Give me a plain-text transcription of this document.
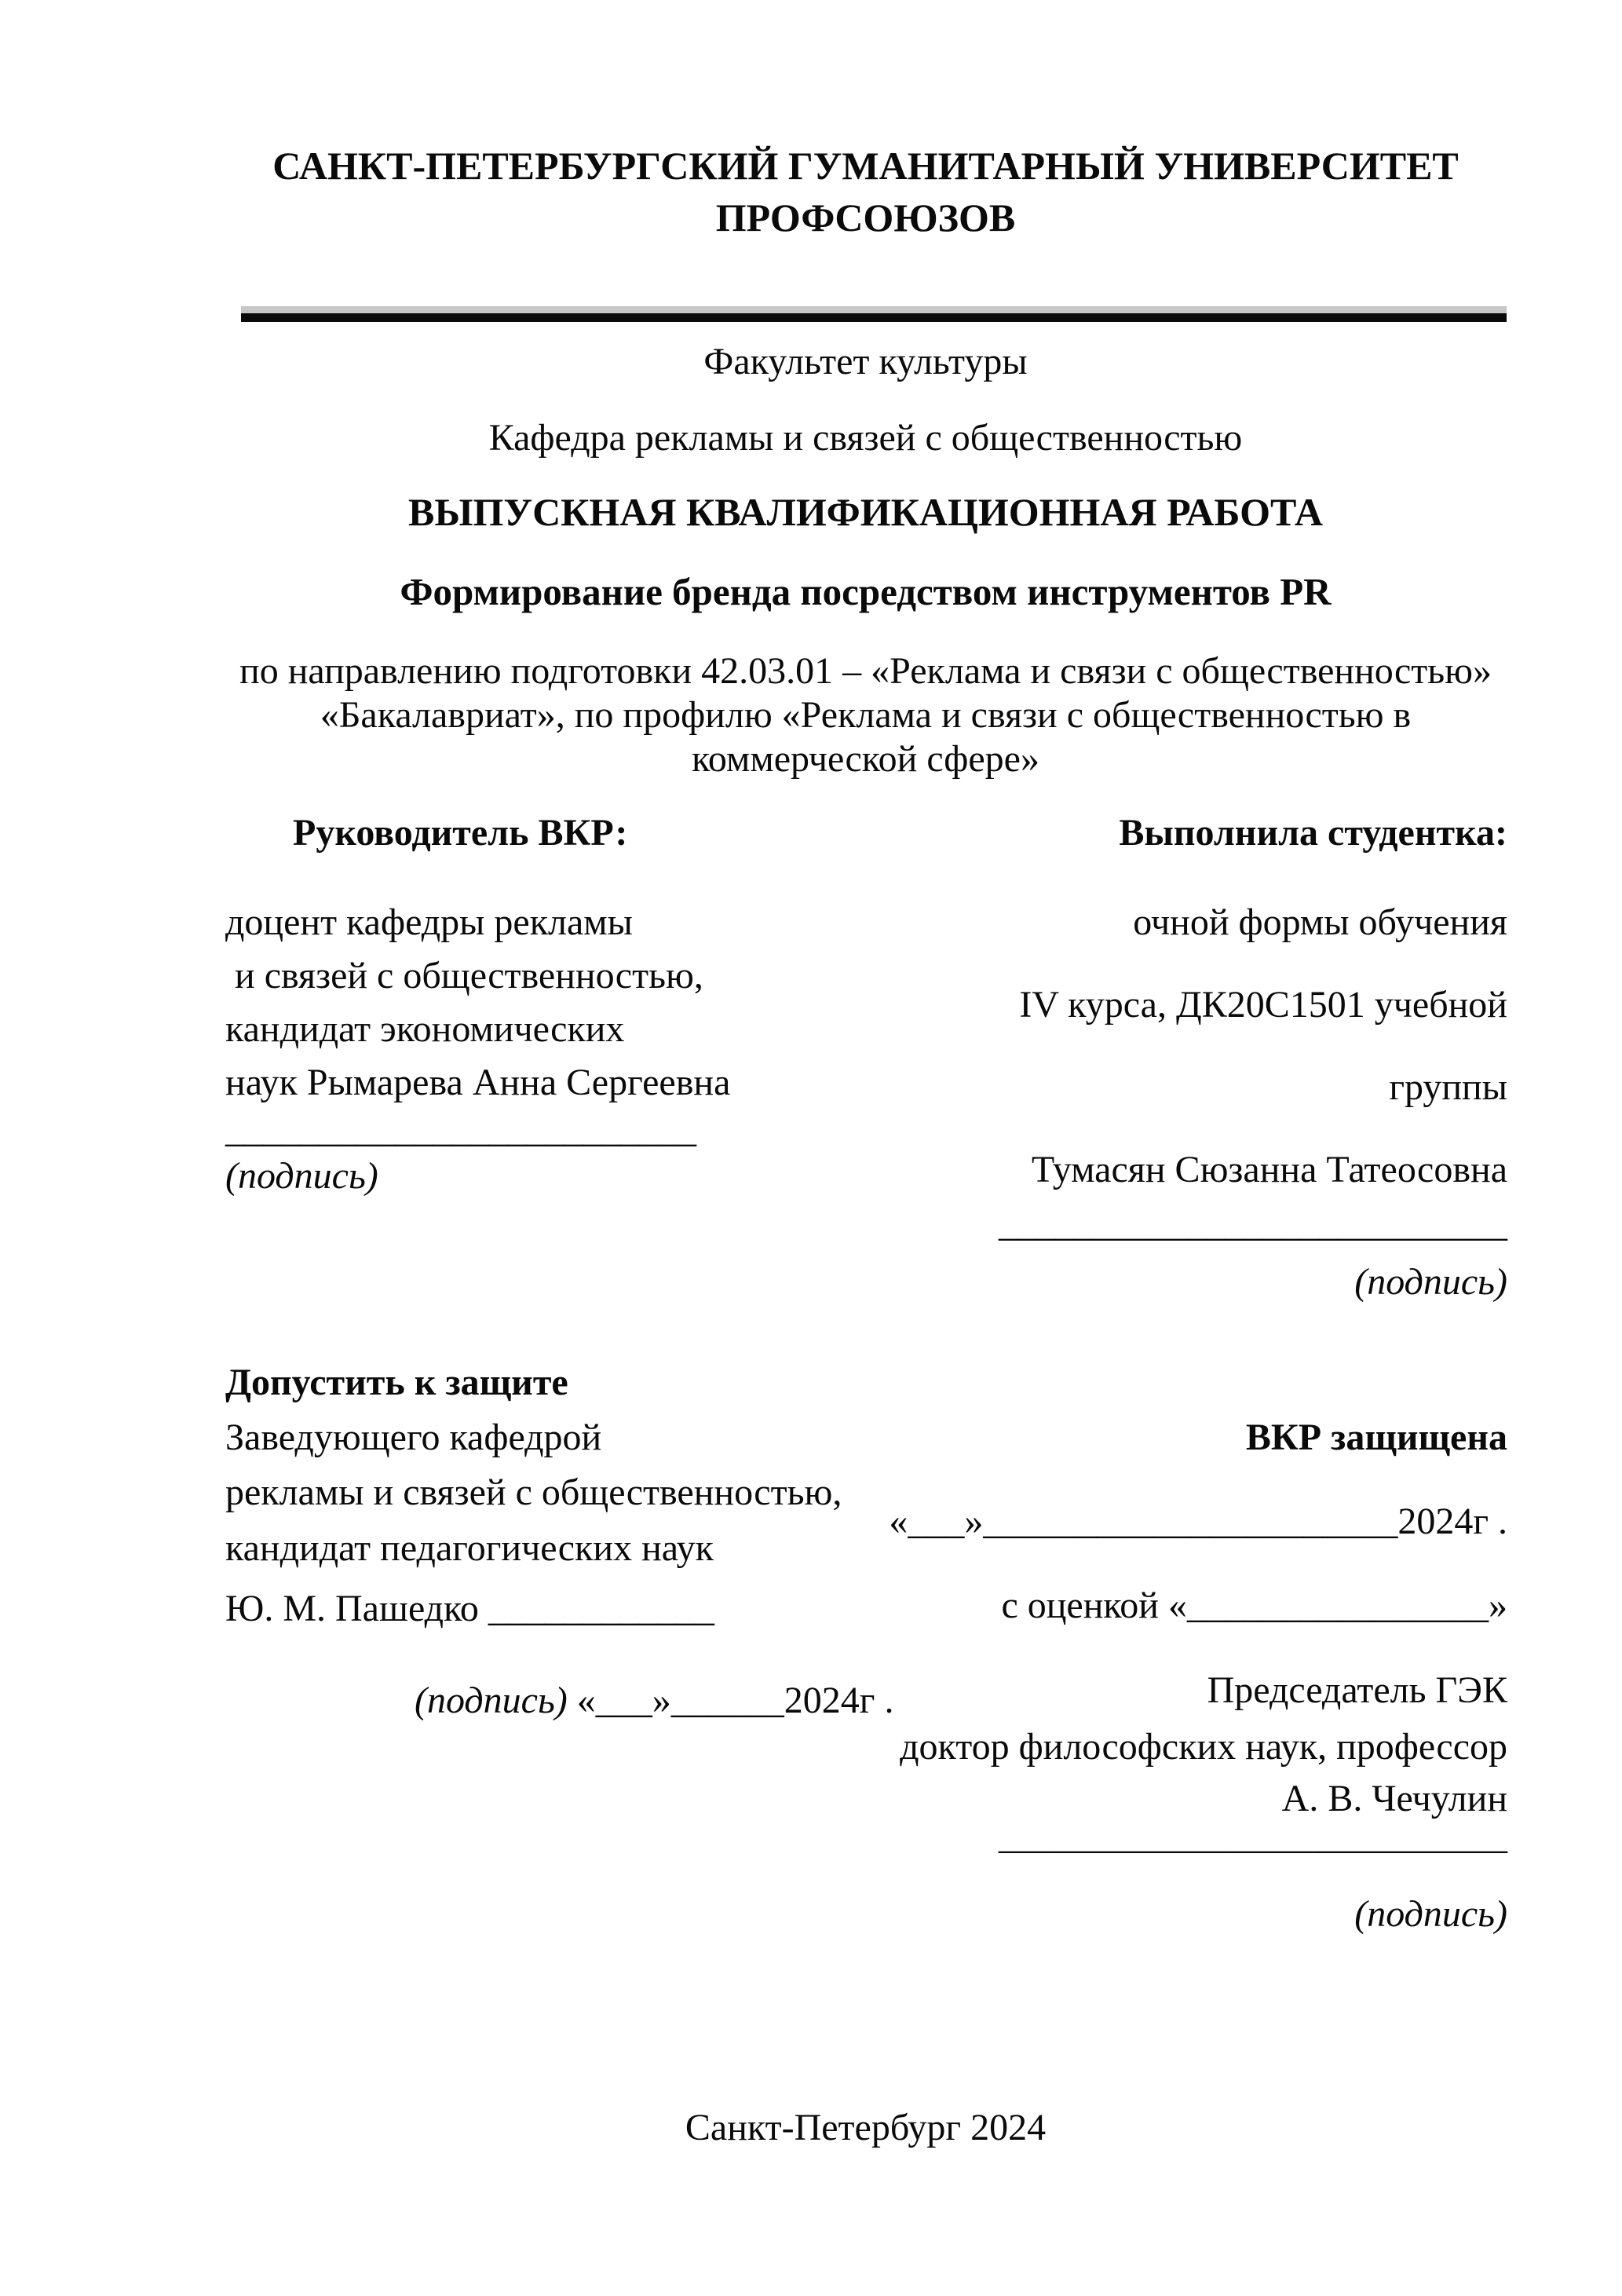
САНКТ-ПЕТЕРБУРГСКИЙ ГУМАНИТАРНЫЙ УНИВЕРСИТЕТ
ПРОФСОЮЗОВ
Факультет культуры
Кафедра рекламы и связей с общественностью
ВЫПУСКНАЯ КВАЛИФИКАЦИОННАЯ РАБОТА
Формирование бренда посредством инструментов PR
по направлению подготовки 42.03.01 – «Реклама и связи с общественностью»
«Бакалавриат», по профилю «Реклама и связи с общественностью в
коммерческой сфере»
Руководитель ВКР:
доцент кафедры рекламы
и связей с общественностью,
кандидат экономических
наук Рымарева Анна Сергеевна
_________________________
(подпись)
Выполнила студентка:
очной формы обучения
IV курса, ДК20С1501 учебной
группы
Тумасян Сюзанна Татеосовна
___________________________
(подпись)
Допустить к защите
Заведующего кафедрой
рекламы и связей с общественностью,
кандидат педагогических наук
Ю. М. Пашедко ____________

(подпись) «___»______2024г .

ВКР защищена
«___»______________________2024г .
с оценкой «________________»
Председатель ГЭК
доктор философских наук, профессор
А. В. Чечулин
___________________________
(подпись)
Санкт-Петербург 2024
